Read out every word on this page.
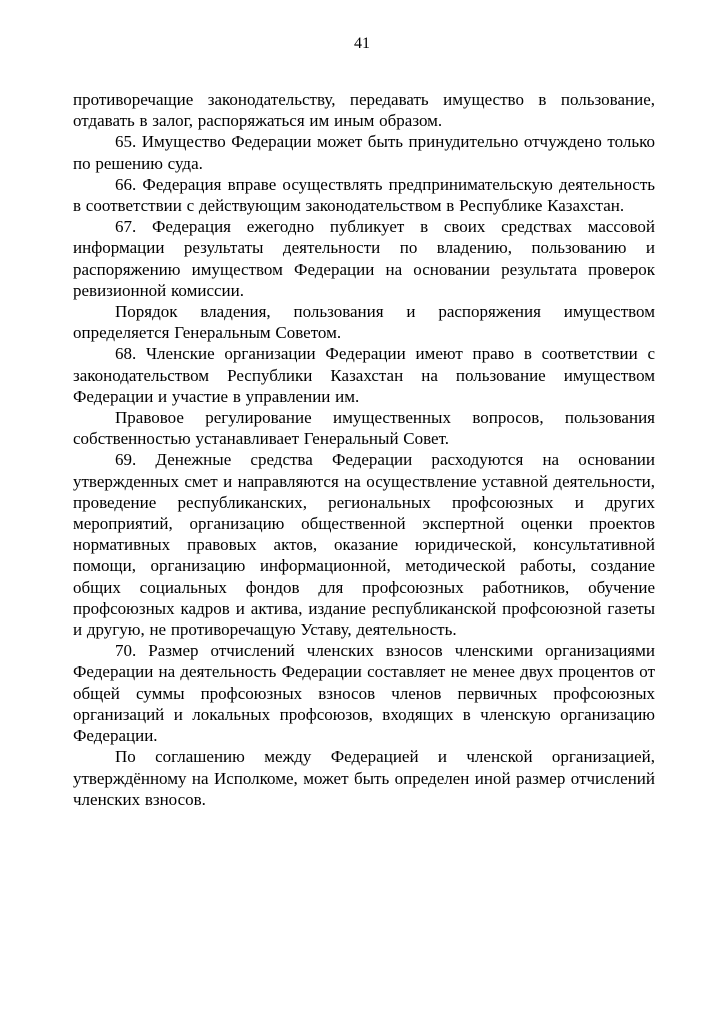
41

противоречащие законодательству, передавать имущество в пользование, отдавать в залог, распоряжаться им иным образом.

65. Имущество Федерации может быть принудительно отчуждено только по решению суда.

66. Федерация вправе осуществлять предпринимательскую деятельность в соответствии с действующим законодательством в Республике Казахстан.

67. Федерация ежегодно публикует в своих средствах массовой информации результаты деятельности по владению, пользованию и распоряжению имуществом Федерации на основании результата проверок ревизионной комиссии.

Порядок владения, пользования и распоряжения имуществом определяется Генеральным Советом.

68. Членские организации Федерации имеют право в соответствии с законодательством Республики Казахстан на пользование имуществом Федерации и участие в управлении им.

Правовое регулирование имущественных вопросов, пользования собственностью устанавливает Генеральный Совет.

69. Денежные средства Федерации расходуются на основании утвержденных смет и направляются на осуществление уставной деятельности, проведение республиканских, региональных профсоюзных и других мероприятий, организацию общественной экспертной оценки проектов нормативных правовых актов, оказание юридической, консультативной помощи, организацию информационной, методической работы, создание общих социальных фондов для профсоюзных работников, обучение профсоюзных кадров и актива, издание республиканской профсоюзной газеты и другую, не противоречащую Уставу, деятельность.

70. Размер отчислений членских взносов членскими организациями Федерации на деятельность Федерации составляет не менее двух процентов от общей суммы профсоюзных взносов членов первичных профсоюзных организаций и локальных профсоюзов, входящих в членскую организацию Федерации.

По соглашению между Федерацией и членской организацией, утверждённому на Исполкоме, может быть определен иной размер отчислений членских взносов.
